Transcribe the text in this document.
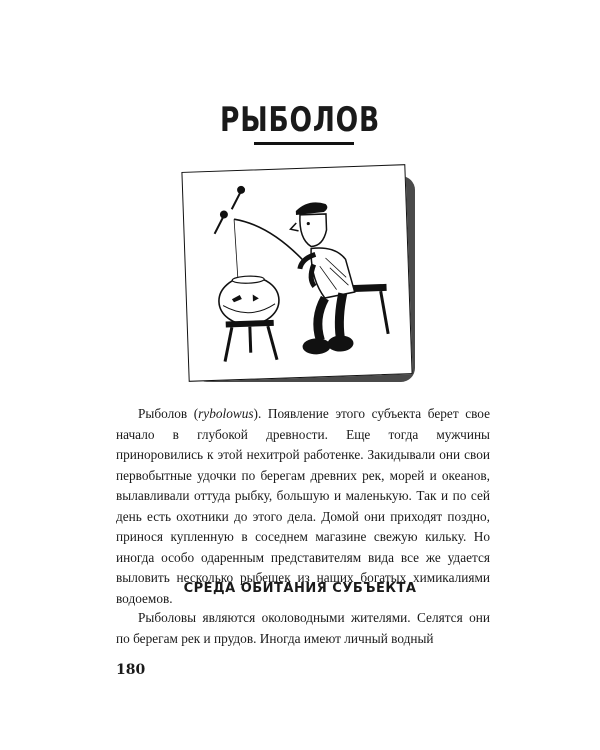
РЫБОЛОВ

Рыболов (rybolowus). Появление этого субъекта берет свое начало в глубокой древности. Еще тогда мужчины приноровились к этой нехитрой работенке. Закидывали они свои первобытные удочки по берегам древних рек, морей и океанов, вылавливали оттуда рыбку, большую и маленькую. Так и по сей день есть охотники до этого дела. Домой они приходят поздно, принося купленную в соседнем магазине свежую кильку. Но иногда особо одаренным представителям вида все же удается выловить несколько рыбешек из наших богатых химикалиями водоемов.

СРЕДА ОБИТАНИЯ СУБЪЕКТА

Рыболовы являются околоводными жителями. Селятся они по берегам рек и прудов. Иногда имеют личный водный

180
